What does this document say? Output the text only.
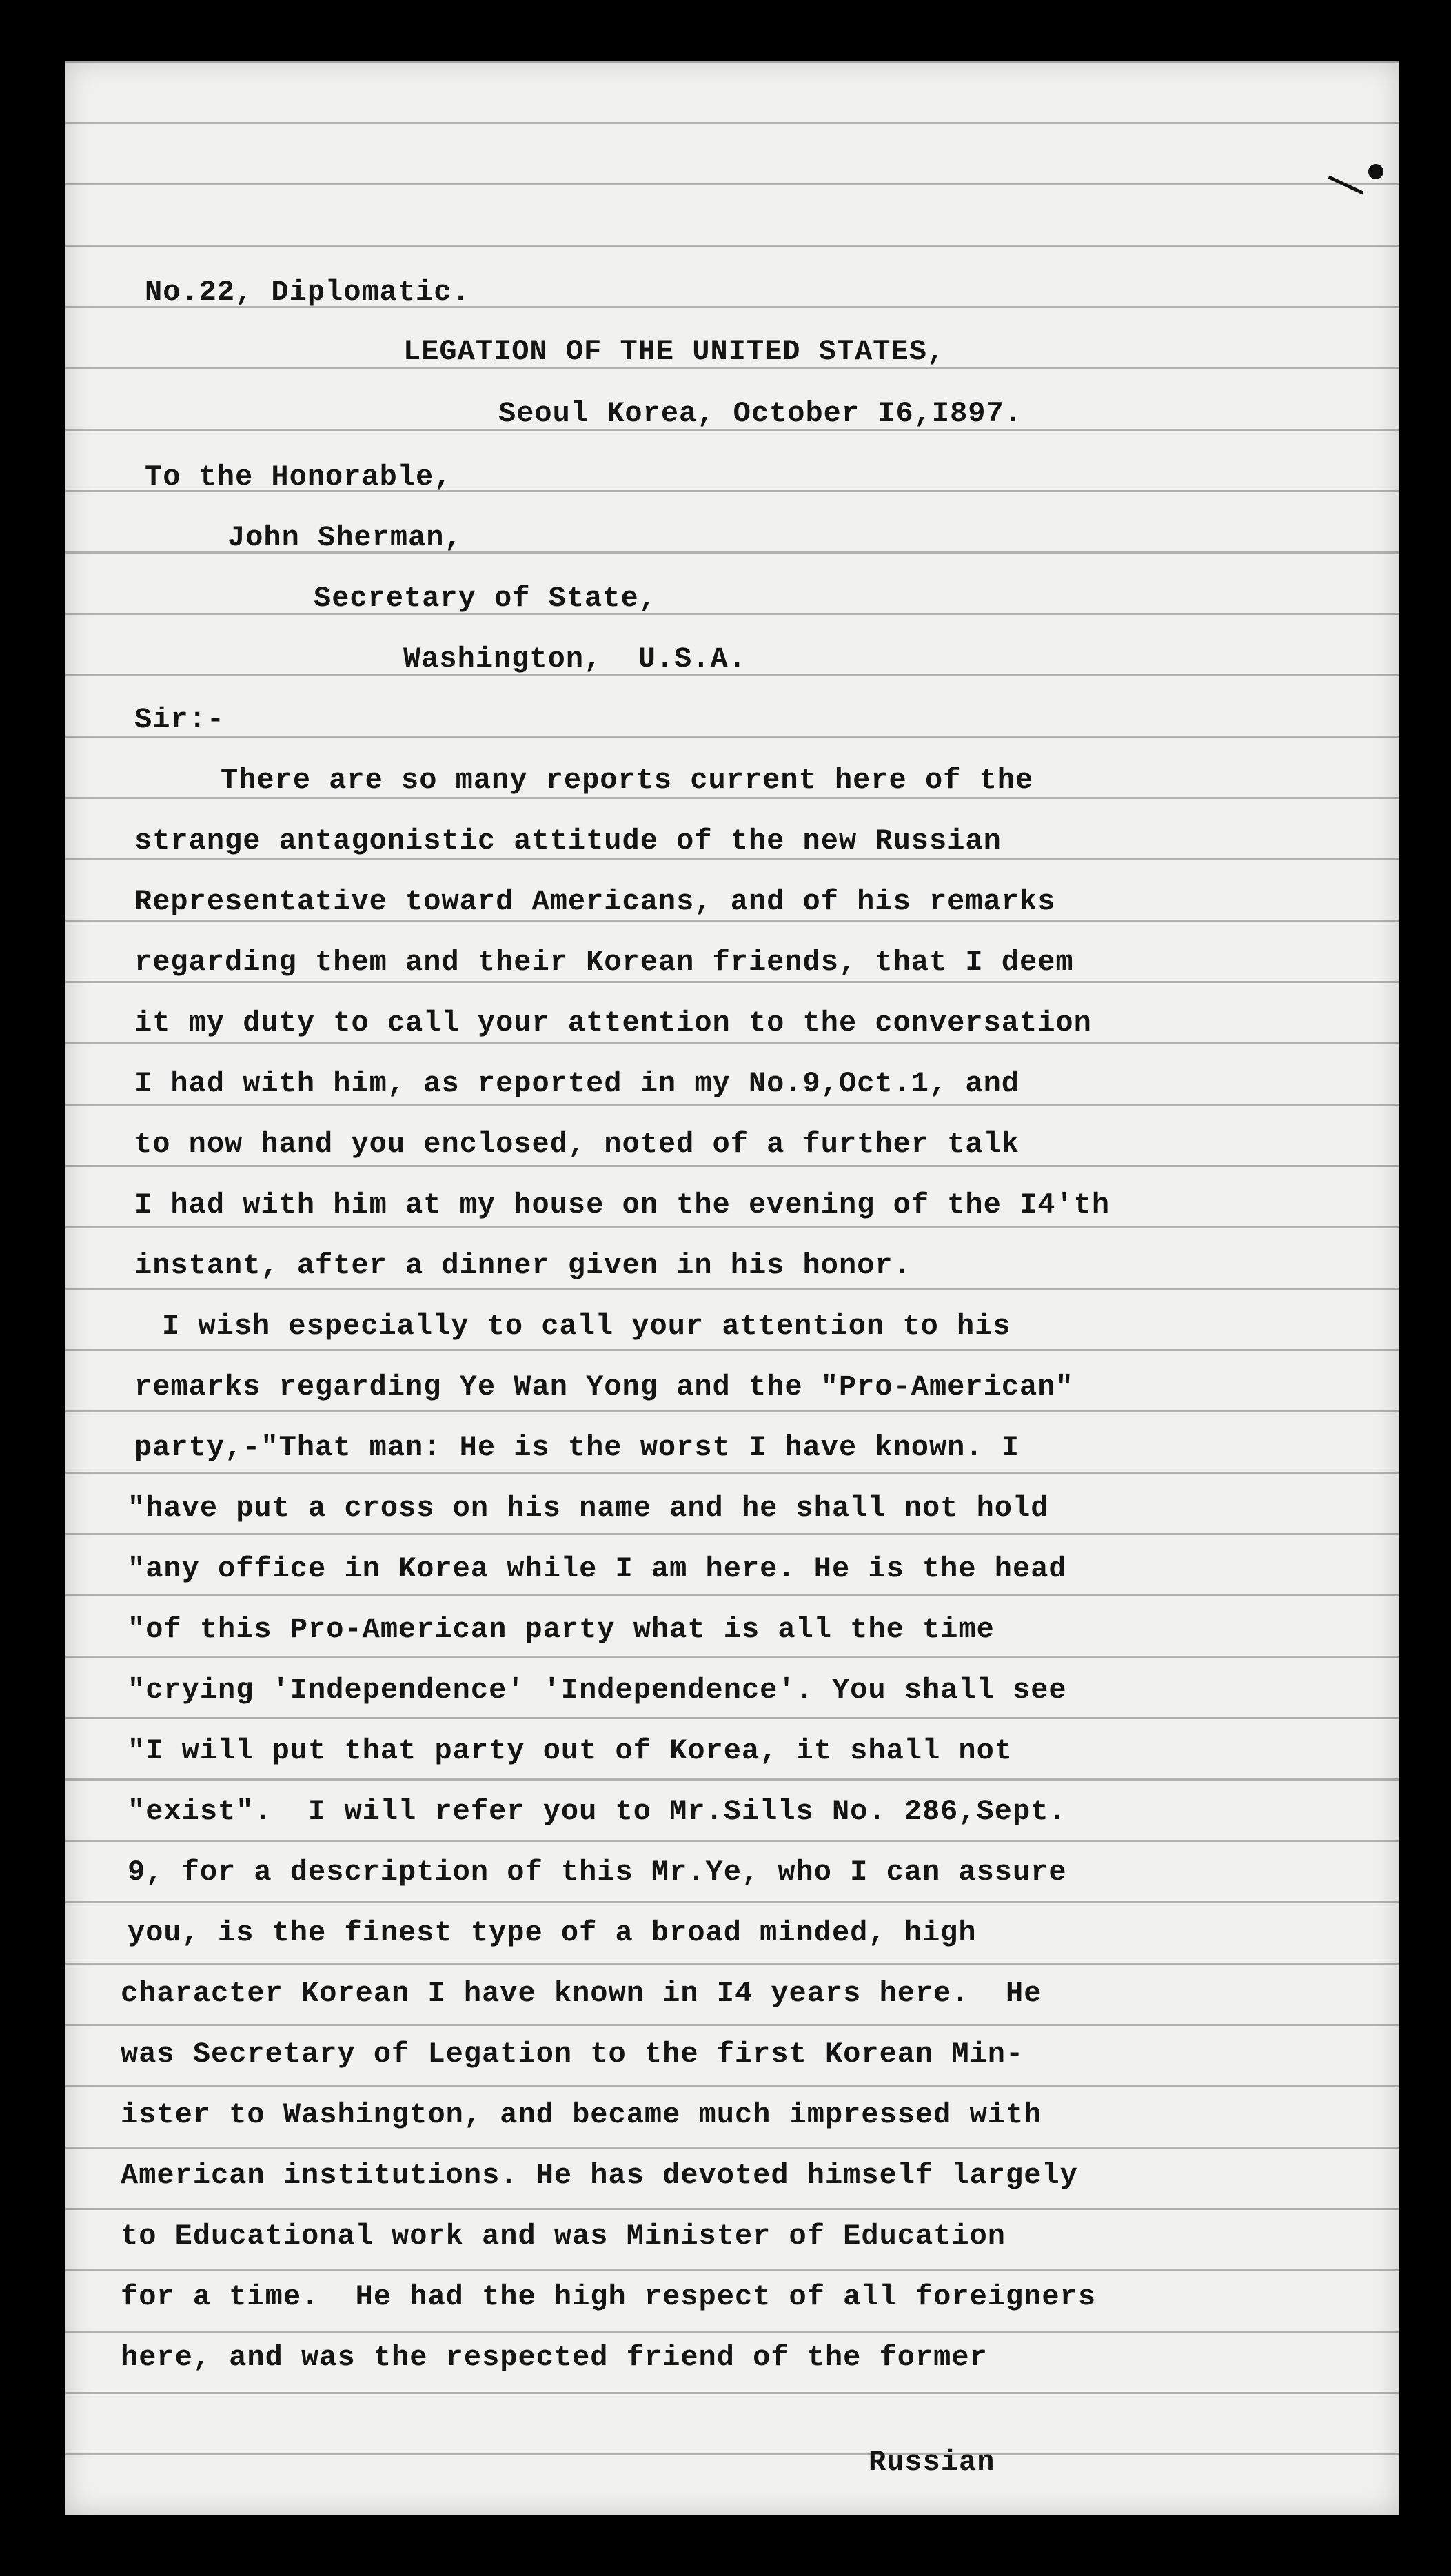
No.22, Diplomatic.
LEGATION OF THE UNITED STATES,
Seoul Korea, October I6,I897.
To the Honorable,
John Sherman,
Secretary of State,
Washington,  U.S.A.
Sir:-
There are so many reports current here of the
strange antagonistic attitude of the new Russian
Representative toward Americans, and of his remarks
regarding them and their Korean friends, that I deem
it my duty to call your attention to the conversation
I had with him, as reported in my No.9,Oct.1, and
to now hand you enclosed, noted of a further talk
I had with him at my house on the evening of the I4'th
instant, after a dinner given in his honor.
I wish especially to call your attention to his
remarks regarding Ye Wan Yong and the "Pro-American"
party,-"That man: He is the worst I have known. I
"have put a cross on his name and he shall not hold
"any office in Korea while I am here. He is the head
"of this Pro-American party what is all the time
"crying 'Independence' 'Independence'. You shall see
"I will put that party out of Korea, it shall not
"exist".  I will refer you to Mr.Sills No. 286,Sept.
9, for a description of this Mr.Ye, who I can assure
you, is the finest type of a broad minded, high
character Korean I have known in I4 years here.  He
was Secretary of Legation to the first Korean Min-
ister to Washington, and became much impressed with
American institutions. He has devoted himself largely
to Educational work and was Minister of Education
for a time.  He had the high respect of all foreigners
here, and was the respected friend of the former
Russian
